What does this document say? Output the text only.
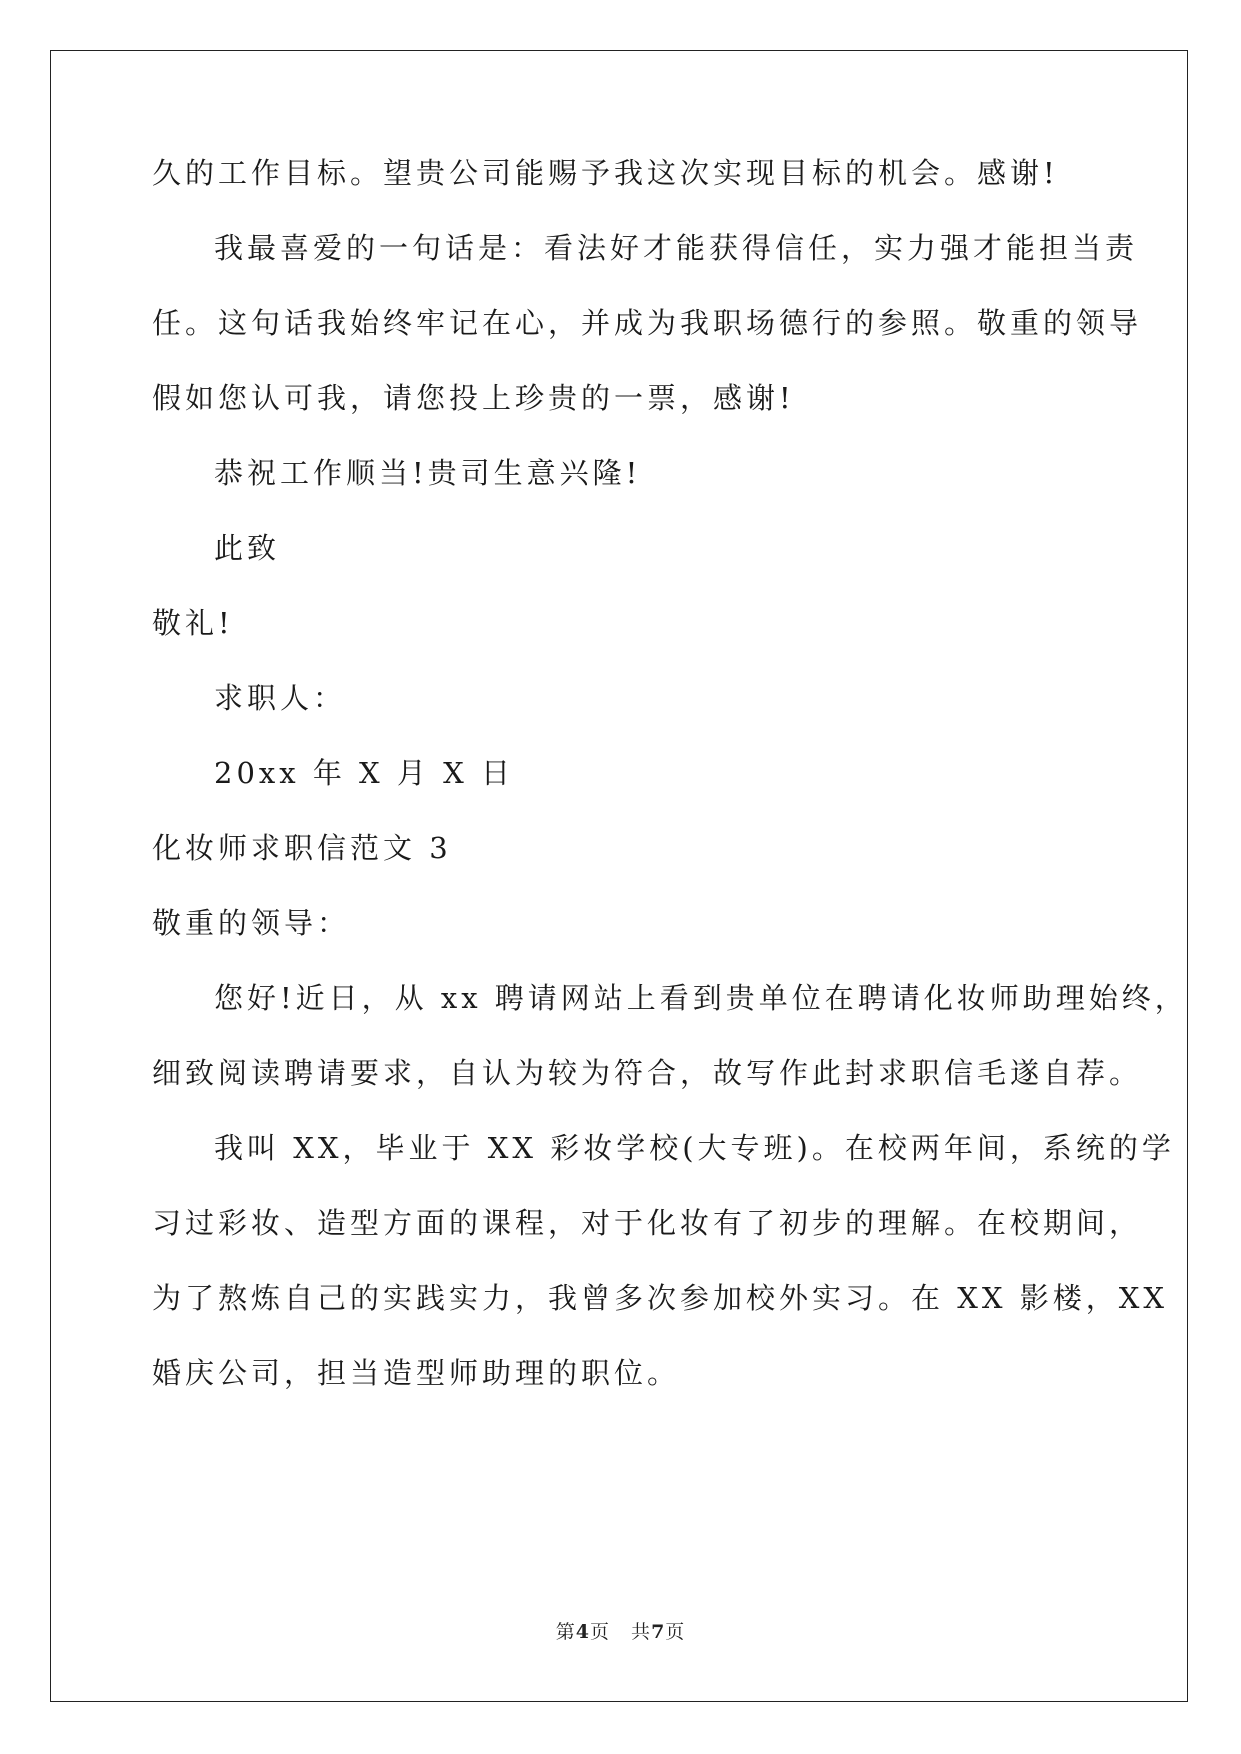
久的工作目标。望贵公司能赐予我这次实现目标的机会。感谢!
我最喜爱的一句话是：看法好才能获得信任，实力强才能担当责
任。这句话我始终牢记在心，并成为我职场德行的参照。敬重的领导
假如您认可我，请您投上珍贵的一票，感谢!
恭祝工作顺当!贵司生意兴隆!
此致
敬礼!
求职人：
20xx 年 X 月 X 日
化妆师求职信范文 3
敬重的领导：
您好!近日，从 xx 聘请网站上看到贵单位在聘请化妆师助理始终，
细致阅读聘请要求，自认为较为符合，故写作此封求职信毛遂自荐。
我叫 XX，毕业于 XX 彩妆学校(大专班)。在校两年间，系统的学
习过彩妆、造型方面的课程，对于化妆有了初步的理解。在校期间，
为了熬炼自己的实践实力，我曾多次参加校外实习。在 XX 影楼，XX
婚庆公司，担当造型师助理的职位。
第4页   共7页
